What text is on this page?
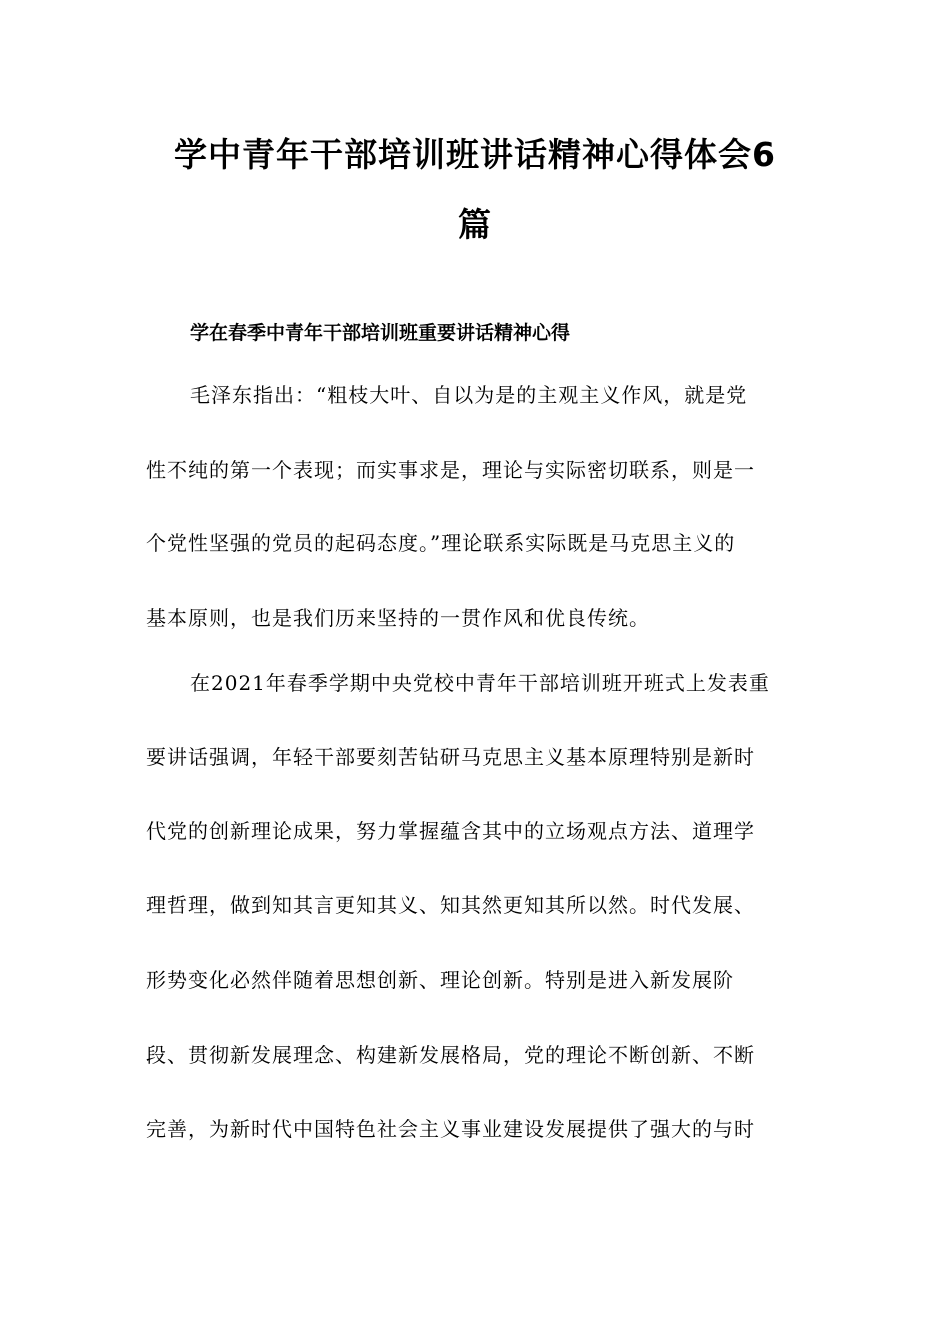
学中青年干部培训班讲话精神心得体会6
篇
学在春季中青年干部培训班重要讲话精神心得

毛泽东指出：“粗枝大叶、自以为是的主观主义作风，就是党

性不纯的第一个表现；而实事求是，理论与实际密切联系，则是一

个党性坚强的党员的起码态度。”理论联系实际既是马克思主义的

基本原则，也是我们历来坚持的一贯作风和优良传统。

在2021年春季学期中央党校中青年干部培训班开班式上发表重

要讲话强调，年轻干部要刻苦钻研马克思主义基本原理特别是新时

代党的创新理论成果，努力掌握蕴含其中的立场观点方法、道理学

理哲理，做到知其言更知其义、知其然更知其所以然。时代发展、

形势变化必然伴随着思想创新、理论创新。特别是进入新发展阶

段、贯彻新发展理念、构建新发展格局，党的理论不断创新、不断

完善，为新时代中国特色社会主义事业建设发展提供了强大的与时
